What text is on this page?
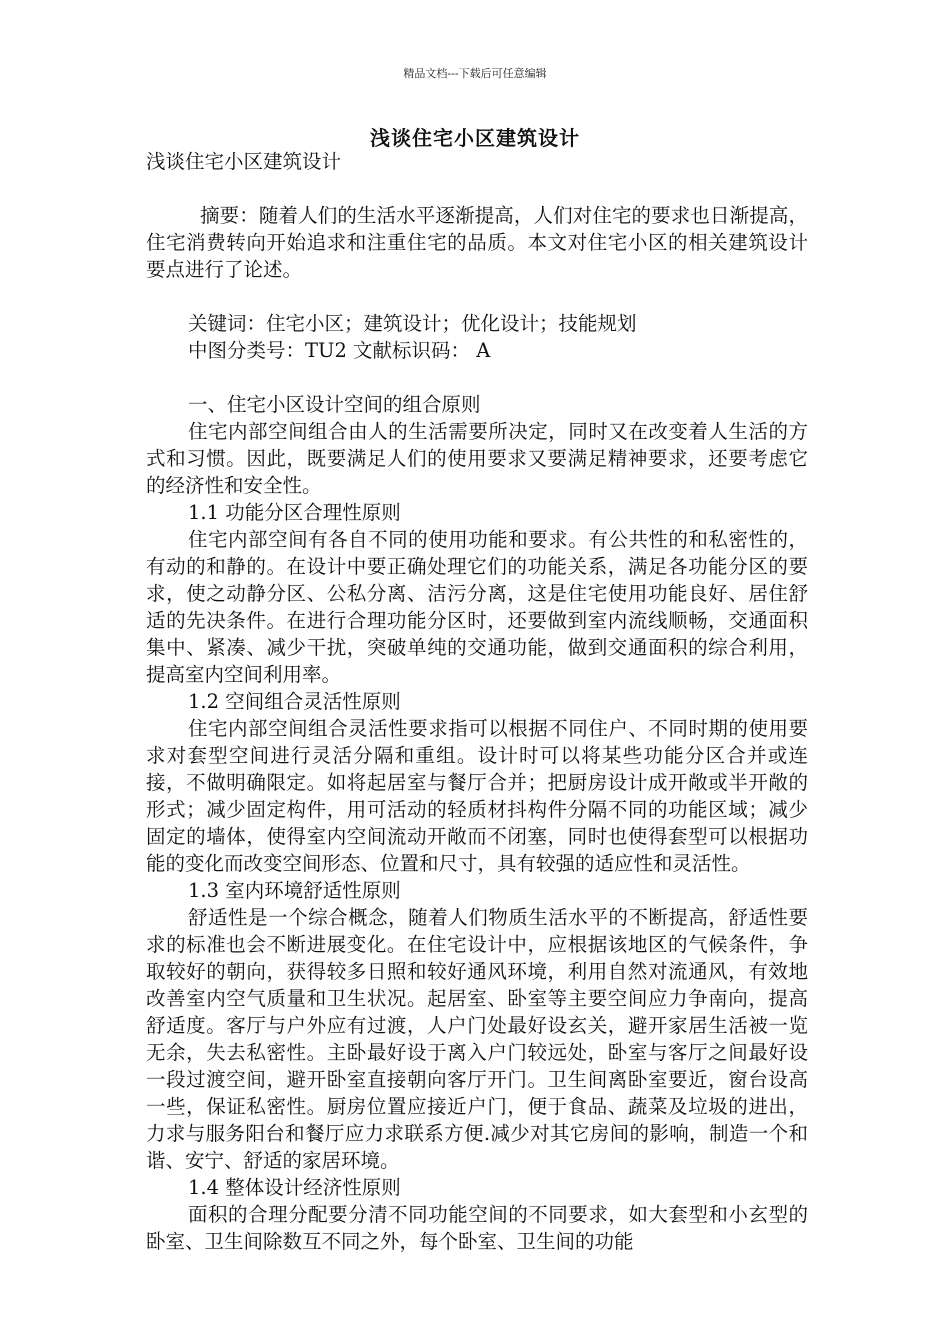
精品文档---下载后可任意编辑
浅谈住宅小区建筑设计

浅谈住宅小区建筑设计

摘要：随着人们的生活水平逐渐提高，人们对住宅的要求也日渐提高，住宅消费转向开始追求和注重住宅的品质。本文对住宅小区的相关建筑设计要点进行了论述。

关键词：住宅小区；建筑设计；优化设计；技能规划

中图分类号：TU2 文献标识码： A

一、住宅小区设计空间的组合原则

住宅内部空间组合由人的生活需要所决定，同时又在改变着人生活的方式和习惯。因此，既要满足人们的使用要求又要满足精神要求，还要考虑它的经济性和安全性。

1.1 功能分区合理性原则

住宅内部空间有各自不同的使用功能和要求。有公共性的和私密性的，有动的和静的。在设计中要正确处理它们的功能关系，满足各功能分区的要求，使之动静分区、公私分离、洁污分离，这是住宅使用功能良好、居住舒适的先决条件。在进行合理功能分区时，还要做到室内流线顺畅，交通面积集中、紧凑、减少干扰，突破单纯的交通功能，做到交通面积的综合利用，提高室内空间利用率。

1.2 空间组合灵活性原则

住宅内部空间组合灵活性要求指可以根据不同住户、不同时期的使用要求对套型空间进行灵活分隔和重组。设计时可以将某些功能分区合并或连接，不做明确限定。如将起居室与餐厅合并；把厨房设计成开敞或半开敞的形式；减少固定构件，用可活动的轻质材抖构件分隔不同的功能区域；减少固定的墙体，使得室内空间流动开敞而不闭塞，同时也使得套型可以根据功能的变化而改变空间形态、位置和尺寸，具有较强的适应性和灵活性。

1.3 室内环境舒适性原则

舒适性是一个综合概念，随着人们物质生活水平的不断提高，舒适性要求的标准也会不断进展变化。在住宅设计中，应根据该地区的气候条件，争取较好的朝向，获得较多日照和较好通风环境，利用自然对流通风，有效地改善室内空气质量和卫生状况。起居室、卧室等主要空间应力争南向，提高舒适度。客厅与户外应有过渡，人户门处最好设玄关，避开家居生活被一览无余，失去私密性。主卧最好设于离入户门较远处，卧室与客厅之间最好设一段过渡空间，避开卧室直接朝向客厅开门。卫生间离卧室要近，窗台设高一些，保证私密性。厨房位置应接近户门，便于食品、蔬菜及垃圾的进出，力求与服务阳台和餐厅应力求联系方便.减少对其它房间的影响，制造一个和谐、安宁、舒适的家居环境。

1.4 整体设计经济性原则

面积的合理分配要分清不同功能空间的不同要求，如大套型和小玄型的卧室、卫生间除数互不同之外，每个卧室、卫生间的功能
